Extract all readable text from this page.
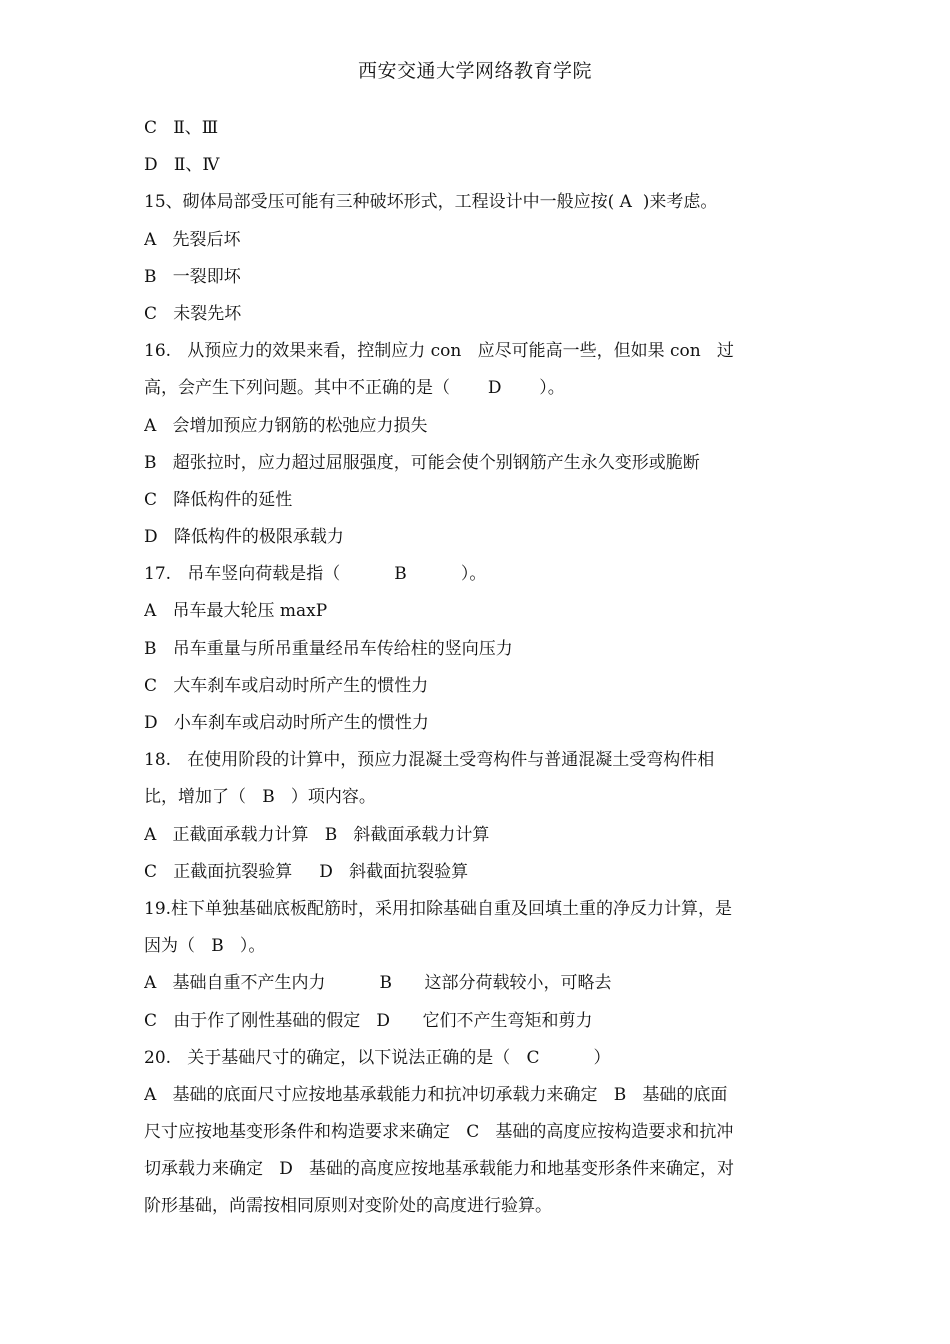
西安交通大学网络教育学院
C   Ⅱ、Ⅲ
D   Ⅱ、Ⅳ
15、砌体局部受压可能有三种破坏形式，工程设计中一般应按( A  )来考虑。
A   先裂后坏
B   一裂即坏
C   未裂先坏
16.   从预应力的效果来看，控制应力 con   应尽可能高一些，但如果 con   过
高，会产生下列问题。其中不正确的是（       D       ）。
A   会增加预应力钢筋的松弛应力损失
B   超张拉时，应力超过屈服强度，可能会使个别钢筋产生永久变形或脆断
C   降低构件的延性
D   降低构件的极限承载力
17.   吊车竖向荷载是指（          B          ）。
A   吊车最大轮压 maxP
B   吊车重量与所吊重量经吊车传给柱的竖向压力
C   大车刹车或启动时所产生的惯性力
D   小车刹车或启动时所产生的惯性力
18.   在使用阶段的计算中，预应力混凝土受弯构件与普通混凝土受弯构件相
比，增加了（   B   ）项内容。
A   正截面承载力计算   B   斜截面承载力计算
C   正截面抗裂验算     D   斜截面抗裂验算
19.柱下单独基础底板配筋时，采用扣除基础自重及回填土重的净反力计算，是
因为（   B   ）。
A   基础自重不产生内力          B      这部分荷载较小，可略去
C   由于作了刚性基础的假定   D      它们不产生弯矩和剪力
20.   关于基础尺寸的确定，以下说法正确的是（   C          ）
A   基础的底面尺寸应按地基承载能力和抗冲切承载力来确定   B   基础的底面
尺寸应按地基变形条件和构造要求来确定   C   基础的高度应按构造要求和抗冲
切承载力来确定   D   基础的高度应按地基承载能力和地基变形条件来确定，对
阶形基础，尚需按相同原则对变阶处的高度进行验算。
